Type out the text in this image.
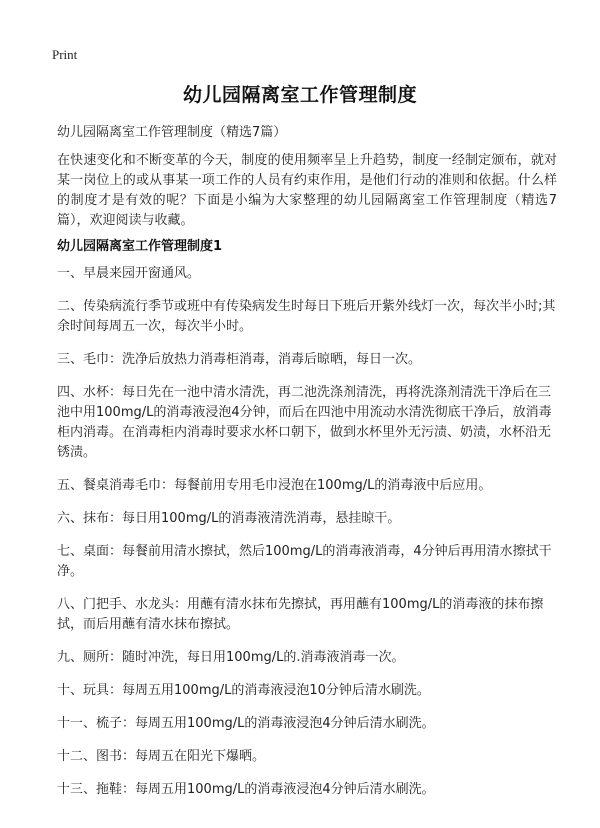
Print
幼儿园隔离室工作管理制度
幼儿园隔离室工作管理制度（精选7篇）

在快速变化和不断变革的今天，制度的使用频率呈上升趋势，制度一经制定颁布，就对某一岗位上的或从事某一项工作的人员有约束作用，是他们行动的准则和依据。什么样的制度才是有效的呢？下面是小编为大家整理的幼儿园隔离室工作管理制度（精选7篇），欢迎阅读与收藏。

幼儿园隔离室工作管理制度1
一、早晨来园开窗通风。
二、传染病流行季节或班中有传染病发生时每日下班后开紫外线灯一次，每次半小时;其余时间每周五一次，每次半小时。
三、毛巾：洗净后放热力消毒柜消毒，消毒后晾晒，每日一次。
四、水杯：每日先在一池中清水清洗，再二池洗涤剂清洗，再将洗涤剂清洗干净后在三池中用100mg/L的消毒液浸泡4分钟，而后在四池中用流动水清洗彻底干净后，放消毒柜内消毒。在消毒柜内消毒时要求水杯口朝下，做到水杯里外无污渍、奶渍，水杯沿无锈渍。
五、餐桌消毒毛巾：每餐前用专用毛巾浸泡在100mg/L的消毒液中后应用。
六、抹布：每日用100mg/L的消毒液清洗消毒，悬挂晾干。
七、桌面：每餐前用清水擦拭，然后100mg/L的消毒液消毒，4分钟后再用清水擦拭干净。
八、门把手、水龙头：用蘸有清水抹布先擦拭，再用蘸有100mg/L的消毒液的抹布擦拭，而后用蘸有清水抹布擦拭。
九、厕所：随时冲洗，每日用100mg/L的.消毒液消毒一次。
十、玩具：每周五用100mg/L的消毒液浸泡10分钟后清水刷洗。
十一、梳子：每周五用100mg/L的消毒液浸泡4分钟后清水刷洗。
十二、图书：每周五在阳光下爆晒。
十三、拖鞋：每周五用100mg/L的消毒液浸泡4分钟后清水刷洗。
